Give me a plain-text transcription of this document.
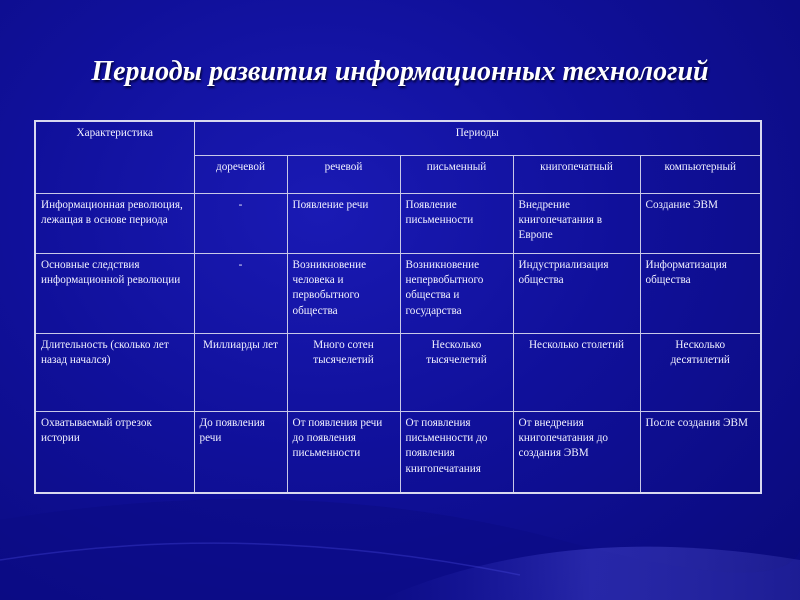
Периоды развития информационных технологий
Характеристика	Периоды				
	доречевой	речевой	письменный	книгопечатный	компьютерный
Информационная революция, лежащая в основе периода	-	Появление речи	Появление письменности	Внедрение книгопечатания в Европе	Создание ЭВМ
Основные следствия информационной революции	-	Возникновение человека и первобытного общества	Возникновение непервобытного общества и государства	Индустриализация общества	Информатизация общества
Длительность (сколько лет назад начался)	Миллиарды лет	Много сотен тысячелетий	Несколько тысячелетий	Несколько столетий	Несколько десятилетий
Охватываемый отрезок истории	До появления речи	От появления речи до появления письменности	От появления письменности до появления книгопечатания	От внедрения книгопечатания до создания ЭВМ	После создания ЭВМ
